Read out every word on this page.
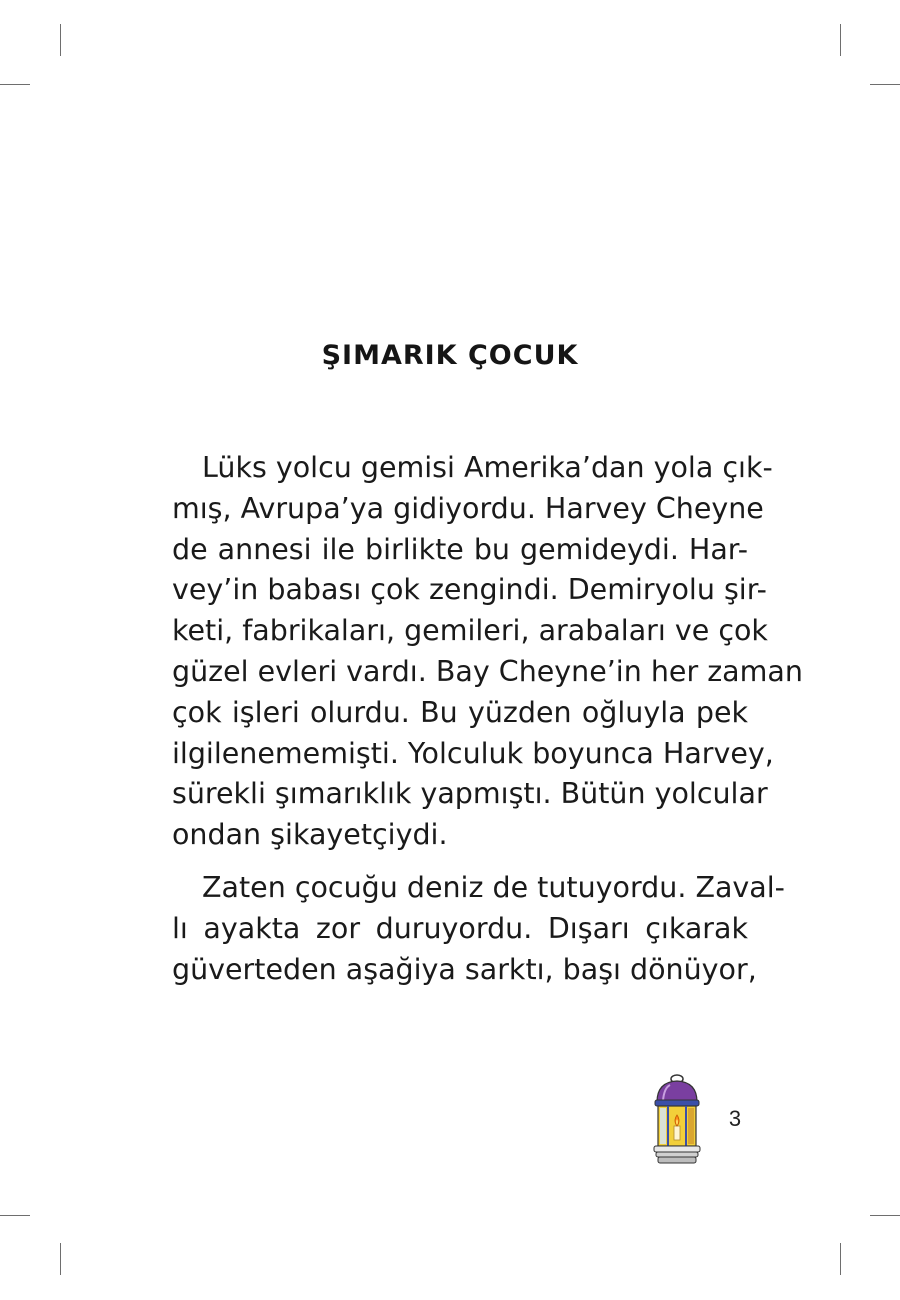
ŞIMARIK ÇOCUK

Lüks yolcu gemisi Amerika’dan yola çık-
mış, Avrupa’ya gidiyordu. Harvey Cheyne
de annesi ile birlikte bu gemideydi. Har-
vey’in babası çok zengindi. Demiryolu şir-
keti, fabrikaları, gemileri, arabaları ve çok
güzel evleri vardı. Bay Cheyne’in her zaman
çok işleri olurdu. Bu yüzden oğluyla pek
ilgilenememişti. Yolculuk boyunca Harvey,
sürekli şımarıklık yapmıştı. Bütün yolcular
ondan şikayetçiydi.

Zaten çocuğu deniz de tutuyordu. Zaval-
lı ayakta zor duruyordu. Dışarı çıkarak
güverteden aşağiya sarktı, başı dönüyor,

3
